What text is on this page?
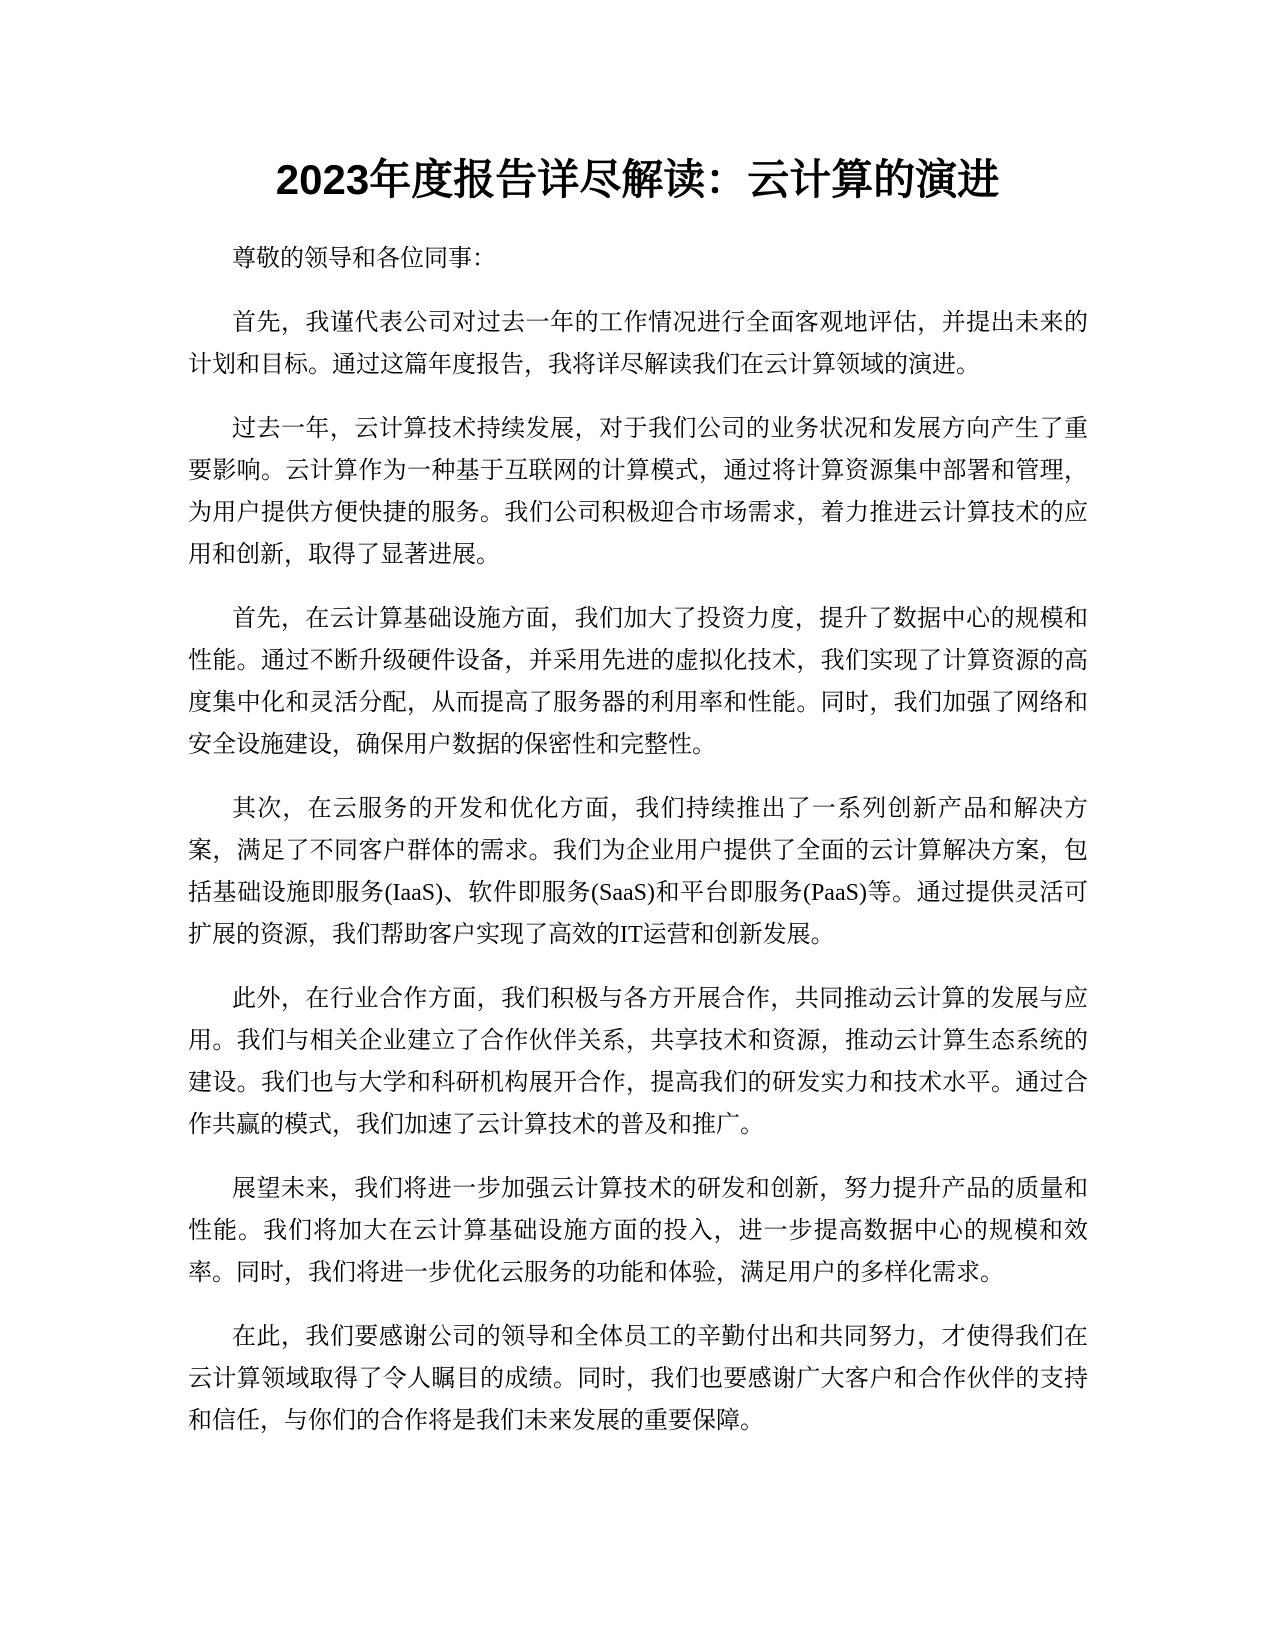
2023年度报告详尽解读：云计算的演进

尊敬的领导和各位同事：

首先，我谨代表公司对过去一年的工作情况进行全面客观地评估，并提出未来的计划和目标。通过这篇年度报告，我将详尽解读我们在云计算领域的演进。

过去一年，云计算技术持续发展，对于我们公司的业务状况和发展方向产生了重要影响。云计算作为一种基于互联网的计算模式，通过将计算资源集中部署和管理，为用户提供方便快捷的服务。我们公司积极迎合市场需求，着力推进云计算技术的应用和创新，取得了显著进展。

首先，在云计算基础设施方面，我们加大了投资力度，提升了数据中心的规模和性能。通过不断升级硬件设备，并采用先进的虚拟化技术，我们实现了计算资源的高度集中化和灵活分配，从而提高了服务器的利用率和性能。同时，我们加强了网络和安全设施建设，确保用户数据的保密性和完整性。

其次，在云服务的开发和优化方面，我们持续推出了一系列创新产品和解决方案，满足了不同客户群体的需求。我们为企业用户提供了全面的云计算解决方案，包括基础设施即服务(IaaS)、软件即服务(SaaS)和平台即服务(PaaS)等。通过提供灵活可扩展的资源，我们帮助客户实现了高效的IT运营和创新发展。

此外，在行业合作方面，我们积极与各方开展合作，共同推动云计算的发展与应用。我们与相关企业建立了合作伙伴关系，共享技术和资源，推动云计算生态系统的建设。我们也与大学和科研机构展开合作，提高我们的研发实力和技术水平。通过合作共赢的模式，我们加速了云计算技术的普及和推广。

展望未来，我们将进一步加强云计算技术的研发和创新，努力提升产品的质量和性能。我们将加大在云计算基础设施方面的投入，进一步提高数据中心的规模和效率。同时，我们将进一步优化云服务的功能和体验，满足用户的多样化需求。

在此，我们要感谢公司的领导和全体员工的辛勤付出和共同努力，才使得我们在云计算领域取得了令人瞩目的成绩。同时，我们也要感谢广大客户和合作伙伴的支持和信任，与你们的合作将是我们未来发展的重要保障。
